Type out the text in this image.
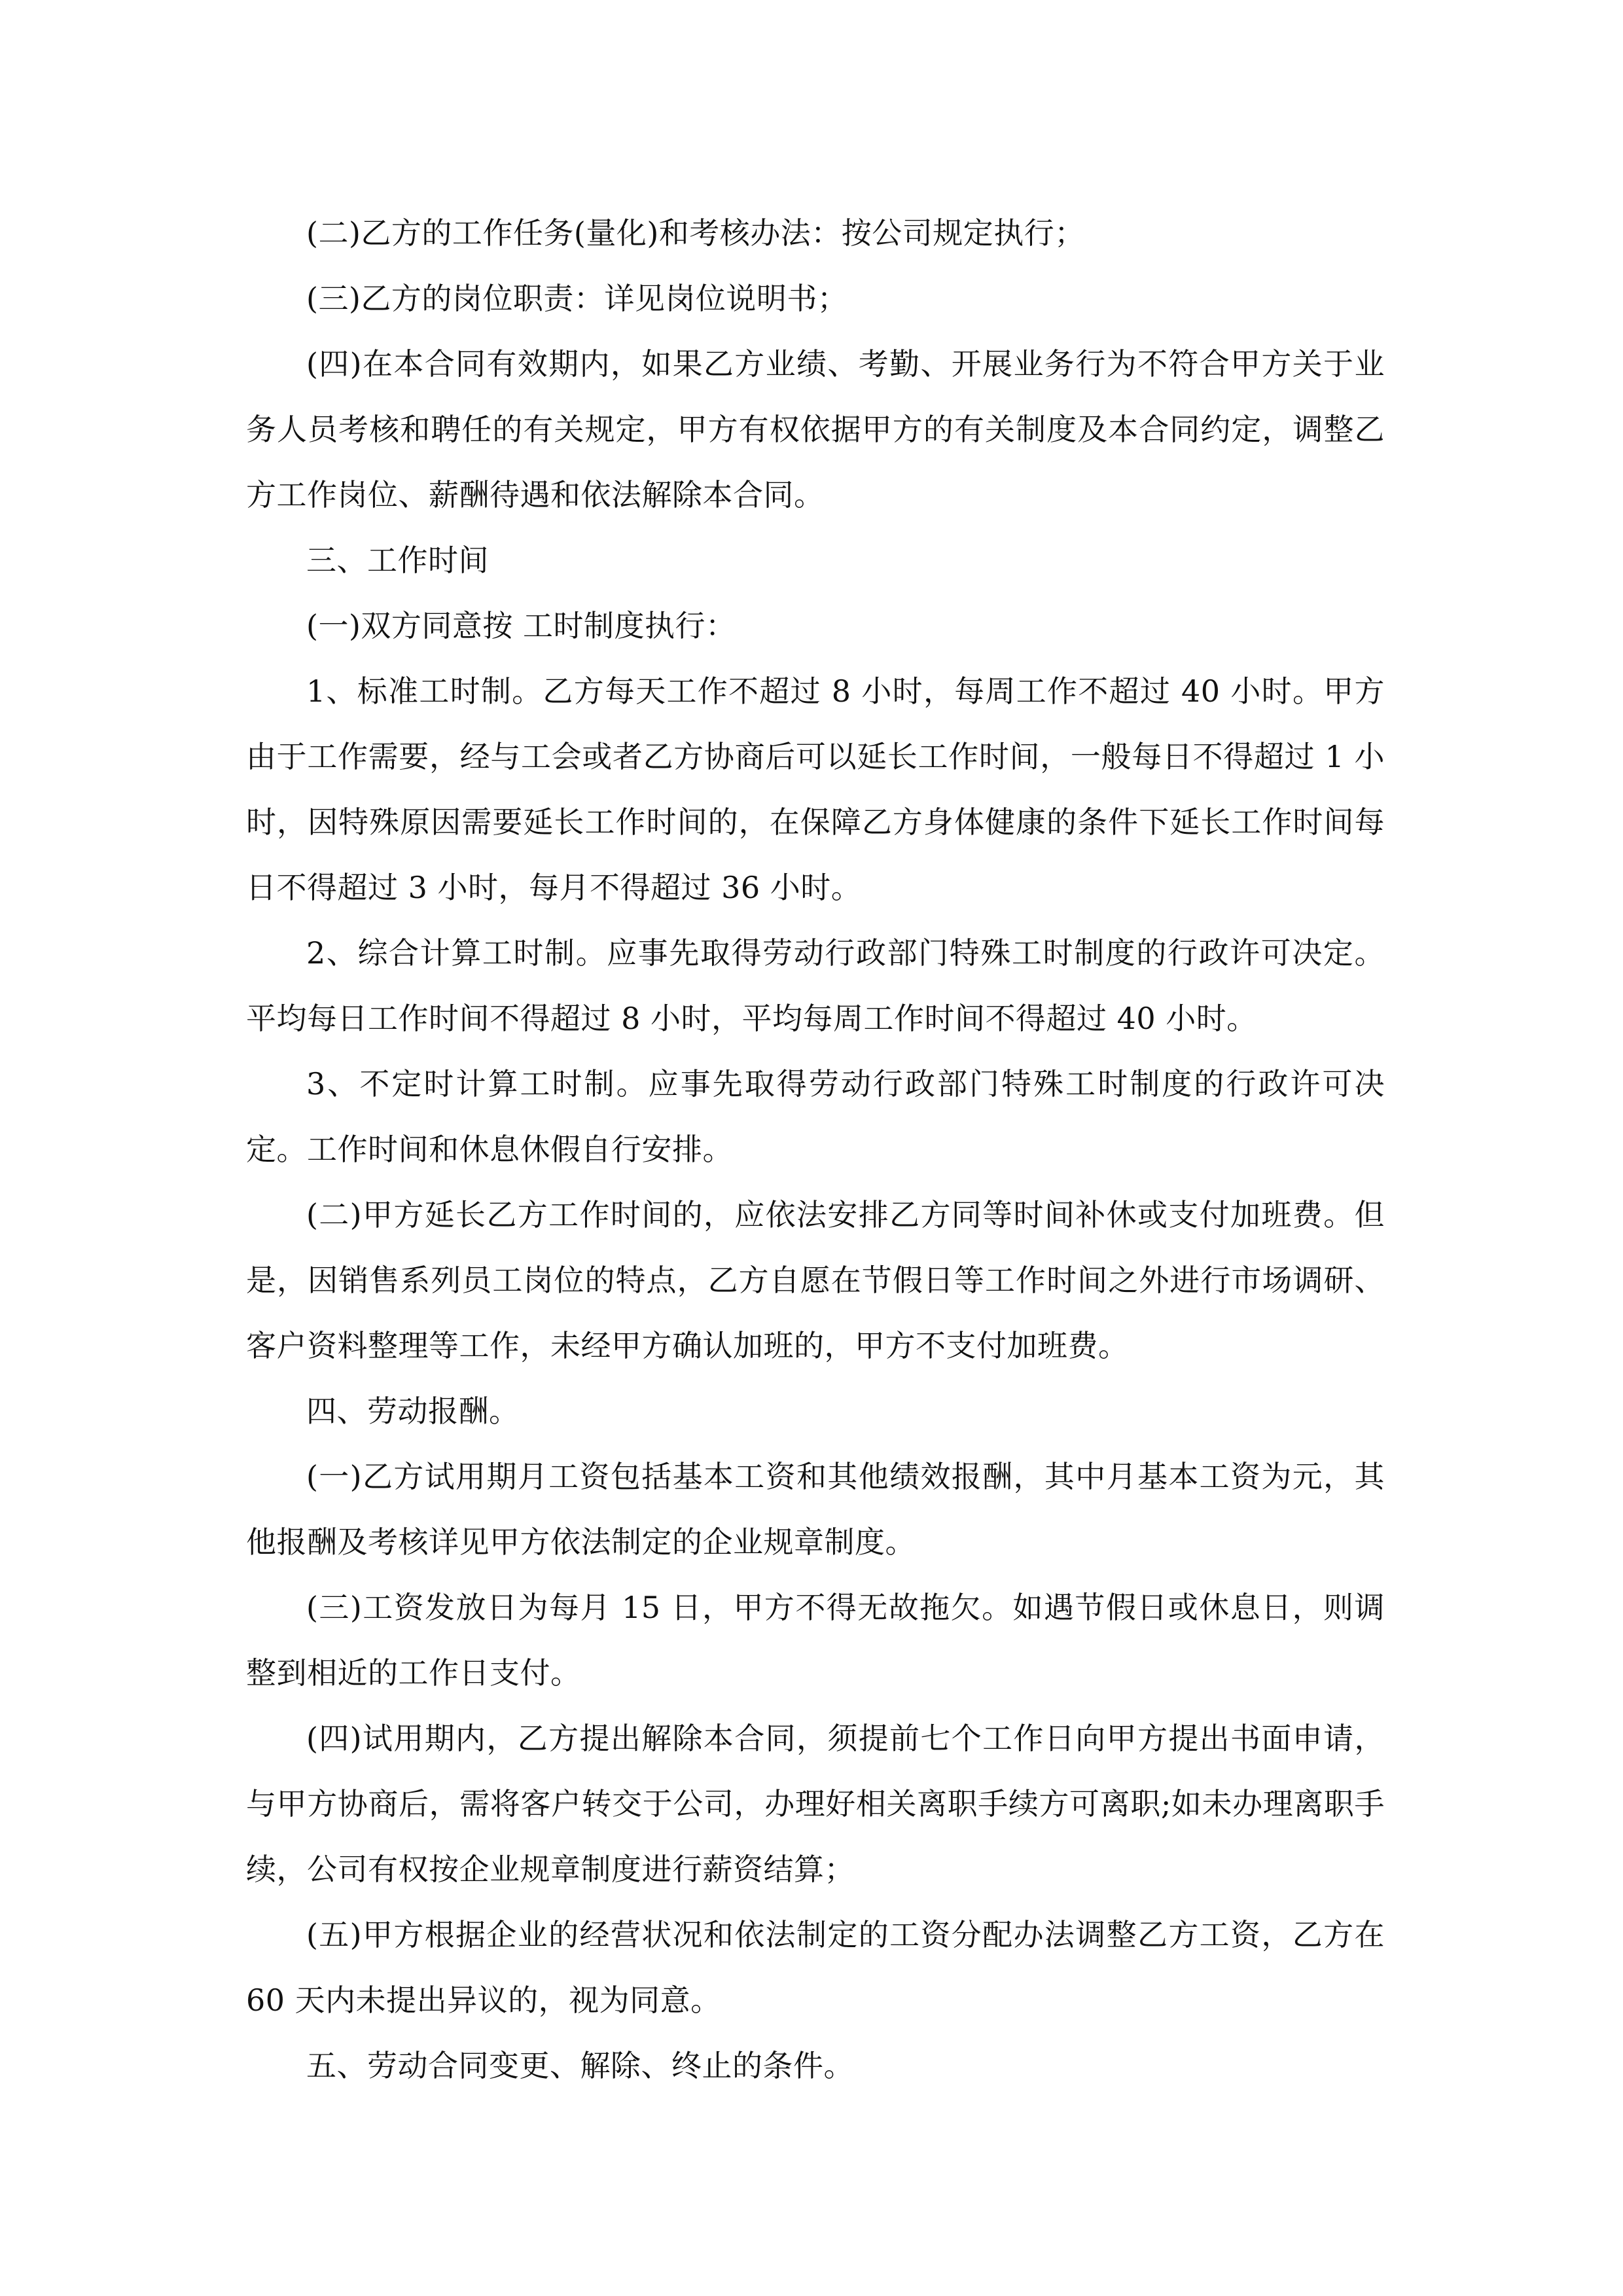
(二)乙方的工作任务(量化)和考核办法：按公司规定执行；

(三)乙方的岗位职责：详见岗位说明书；

(四)在本合同有效期内，如果乙方业绩、考勤、开展业务行为不符合甲方关于业务人员考核和聘任的有关规定，甲方有权依据甲方的有关制度及本合同约定，调整乙方工作岗位、薪酬待遇和依法解除本合同。

三、工作时间

(一)双方同意按 工时制度执行：

1、标准工时制。乙方每天工作不超过 8 小时，每周工作不超过 40 小时。甲方由于工作需要，经与工会或者乙方协商后可以延长工作时间，一般每日不得超过 1 小时，因特殊原因需要延长工作时间的，在保障乙方身体健康的条件下延长工作时间每日不得超过 3 小时，每月不得超过 36 小时。

2、综合计算工时制。应事先取得劳动行政部门特殊工时制度的行政许可决定。平均每日工作时间不得超过 8 小时，平均每周工作时间不得超过 40 小时。

3、不定时计算工时制。应事先取得劳动行政部门特殊工时制度的行政许可决定。工作时间和休息休假自行安排。

(二)甲方延长乙方工作时间的，应依法安排乙方同等时间补休或支付加班费。但是，因销售系列员工岗位的特点，乙方自愿在节假日等工作时间之外进行市场调研、客户资料整理等工作，未经甲方确认加班的，甲方不支付加班费。

四、劳动报酬。

(一)乙方试用期月工资包括基本工资和其他绩效报酬，其中月基本工资为元，其他报酬及考核详见甲方依法制定的企业规章制度。

(三)工资发放日为每月 15 日，甲方不得无故拖欠。如遇节假日或休息日，则调整到相近的工作日支付。

(四)试用期内，乙方提出解除本合同，须提前七个工作日向甲方提出书面申请，与甲方协商后，需将客户转交于公司，办理好相关离职手续方可离职;如未办理离职手续，公司有权按企业规章制度进行薪资结算；

(五)甲方根据企业的经营状况和依法制定的工资分配办法调整乙方工资，乙方在 60 天内未提出异议的，视为同意。

五、劳动合同变更、解除、终止的条件。
